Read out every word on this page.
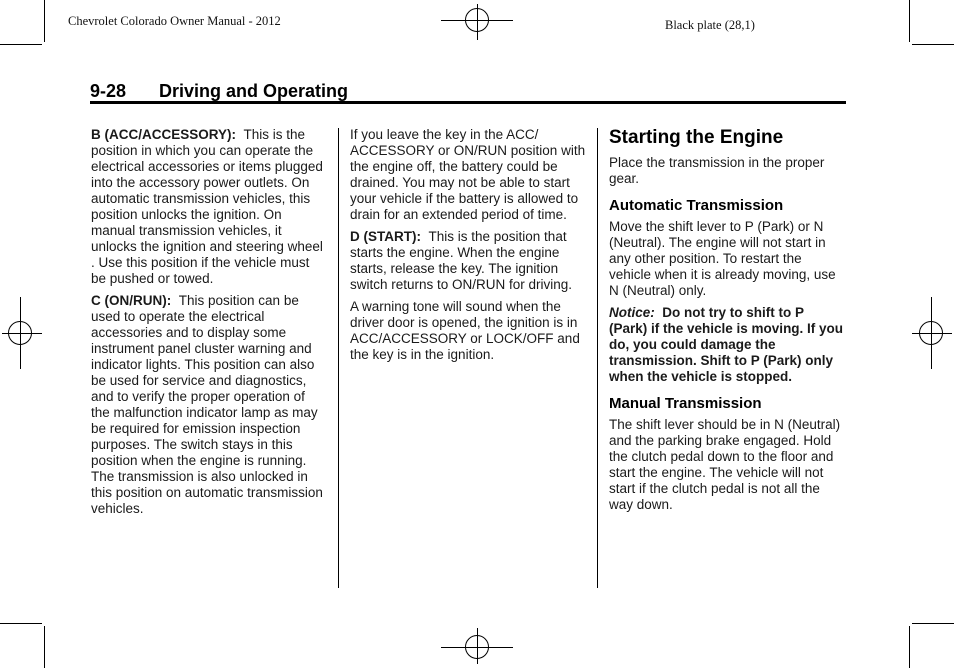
Chevrolet Colorado Owner Manual - 2012	Black plate (28,1)
9-28 Driving and Operating

B (ACC/ACCESSORY): This is the position in which you can operate the electrical accessories or items plugged into the accessory power outlets. On automatic transmission vehicles, this position unlocks the ignition. On manual transmission vehicles, it unlocks the ignition and steering wheel . Use this position if the vehicle must be pushed or towed.

C (ON/RUN): This position can be used to operate the electrical accessories and to display some instrument panel cluster warning and indicator lights. This position can also be used for service and diagnostics, and to verify the proper operation of the malfunction indicator lamp as may be required for emission inspection purposes. The switch stays in this position when the engine is running. The transmission is also unlocked in this position on automatic transmission vehicles.

If you leave the key in the ACC/ ACCESSORY or ON/RUN position with the engine off, the battery could be drained. You may not be able to start your vehicle if the battery is allowed to drain for an extended period of time.

D (START): This is the position that starts the engine. When the engine starts, release the key. The ignition switch returns to ON/RUN for driving.

A warning tone will sound when the driver door is opened, the ignition is in ACC/ACCESSORY or LOCK/OFF and the key is in the ignition.

Starting the Engine

Place the transmission in the proper gear.

Automatic Transmission

Move the shift lever to P (Park) or N (Neutral). The engine will not start in any other position. To restart the vehicle when it is already moving, use N (Neutral) only.

Notice: Do not try to shift to P (Park) if the vehicle is moving. If you do, you could damage the transmission. Shift to P (Park) only when the vehicle is stopped.

Manual Transmission

The shift lever should be in N (Neutral) and the parking brake engaged. Hold the clutch pedal down to the floor and start the engine. The vehicle will not start if the clutch pedal is not all the way down.
